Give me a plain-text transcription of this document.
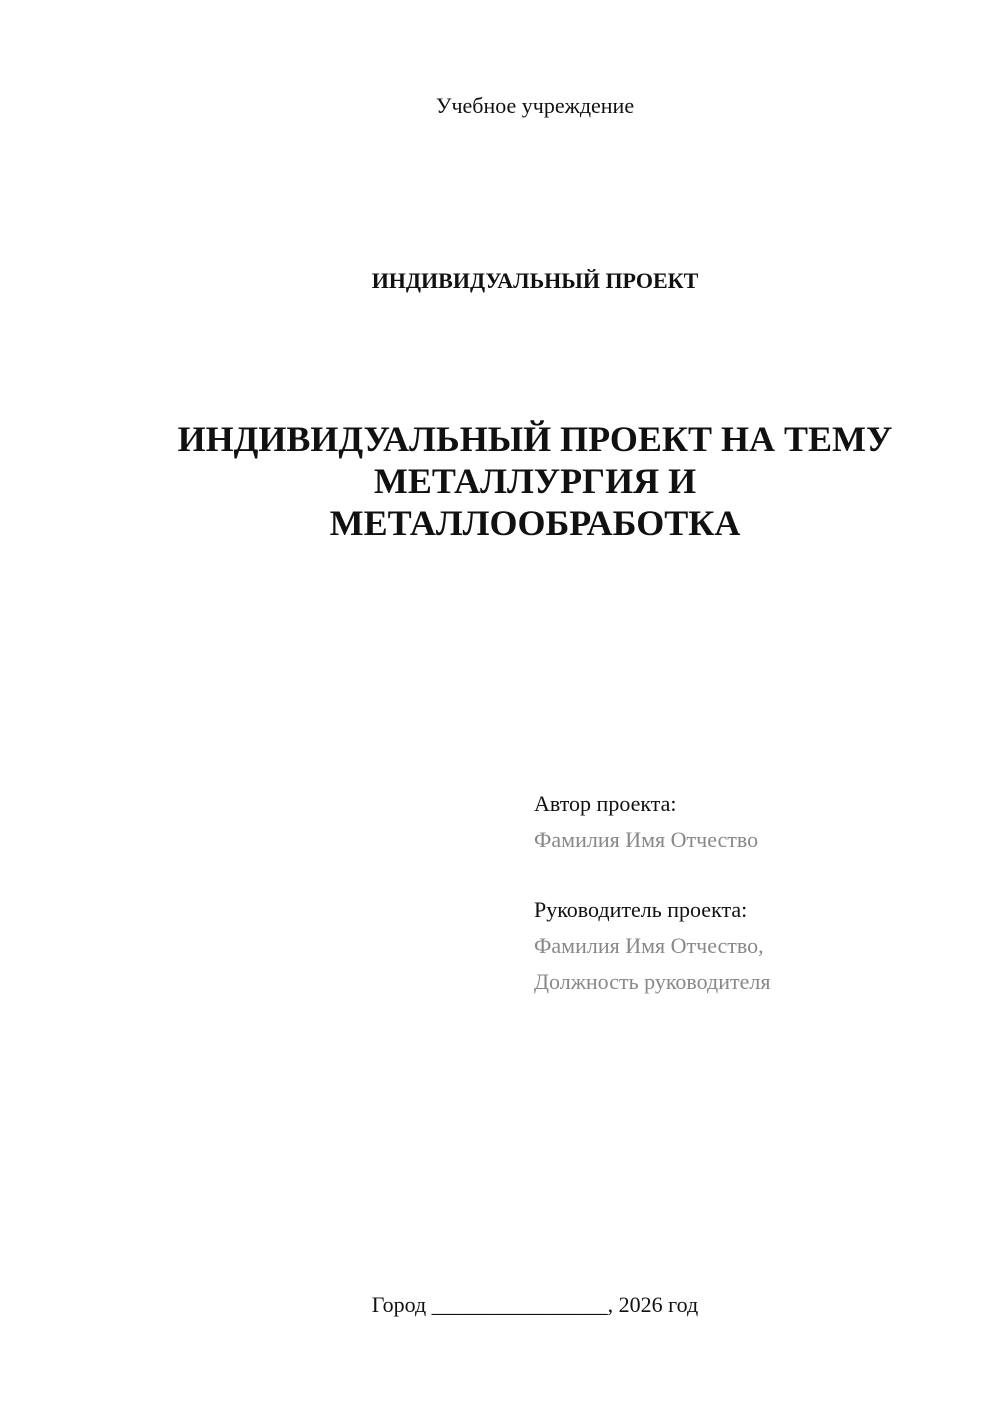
Учебное учреждение
ИНДИВИДУАЛЬНЫЙ ПРОЕКТ
ИНДИВИДУАЛЬНЫЙ ПРОЕКТ НА ТЕМУ
МЕТАЛЛУРГИЯ И
МЕТАЛЛООБРАБОТКА
Автор проекта:
Фамилия Имя Отчество
Руководитель проекта:
Фамилия Имя Отчество,
Должность руководителя
Город ________________, 2026 год
